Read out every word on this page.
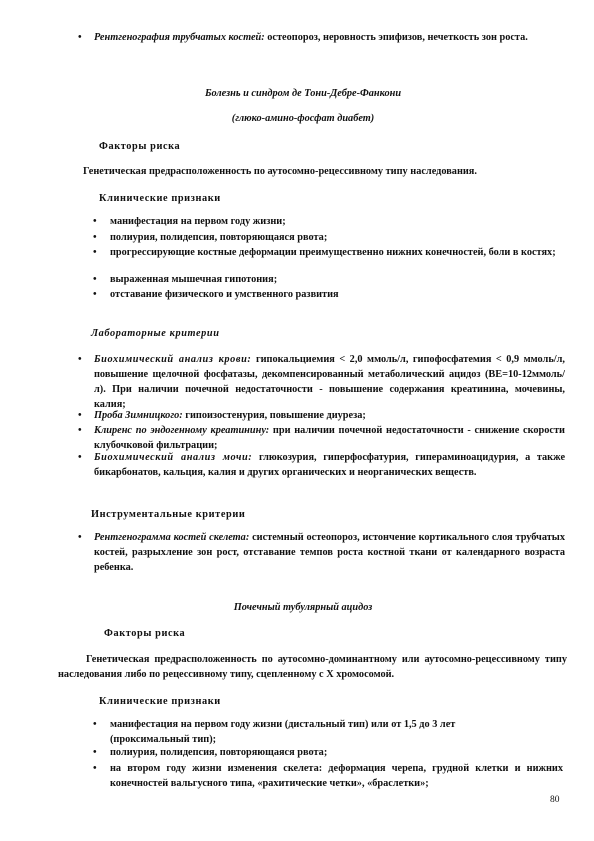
• Рентгенография трубчатых костей: остеопороз, неровность эпифизов, нечеткость зон роста.
Болезнь и синдром де Тони-Дебре-Фанкони
(глюко-амино-фосфат диабет)
Факторы риска
Генетическая предрасположенность по аутосомно-рецессивному типу наследования.
Клинические признаки
• манифестация на первом году жизни;
• полиурия, полидепсия, повторяющаяся рвота;
• прогрессирующие костные деформации преимущественно нижних конечностей, боли в костях;
• выраженная мышечная гипотония;
• отставание физического и умственного развития
Лабораторные критерии
• Биохимический анализ крови: гипокальциемия < 2,0 ммоль/л, гипофосфатемия < 0,9 ммоль/л, повышение щелочной фосфатазы, декомпенсированный метаболический ацидоз (ВЕ=10-12ммоль/л). При наличии почечной недостаточности - повышение содержания креатинина, мочевины, калия;
• Проба Зимницкого: гипоизостенурия, повышение диуреза;
• Клиренс по эндогенному креатинину: при наличии почечной недостаточности - снижение скорости клубочковой фильтрации;
• Биохимический анализ мочи: глюкозурия, гиперфосфатурия, гипераминоацидурия, а также бикарбонатов, кальция, калия и других органических и неорганических веществ.
Инструментальные критерии
• Рентгенограмма костей скелета: системный остеопороз, истончение кортикального слоя трубчатых костей, разрыхление зон рост, отставание темпов роста костной ткани от календарного возраста ребенка.
Почечный тубулярный ацидоз
Факторы риска
Генетическая предрасположенность по аутосомно-доминантному или аутосомно-рецессивному типу наследования либо по рецессивному типу, сцепленному с Х хромосомой.
Клинические признаки
• манифестация на первом году жизни (дистальный тип) или от 1,5 до 3 лет (проксимальный тип);
• полиурия, полидепсия, повторяющаяся рвота;
• на втором году жизни изменения скелета: деформация черепа, грудной клетки и нижних конечностей вальгусного типа, «рахитические четки», «браслетки»;
80
